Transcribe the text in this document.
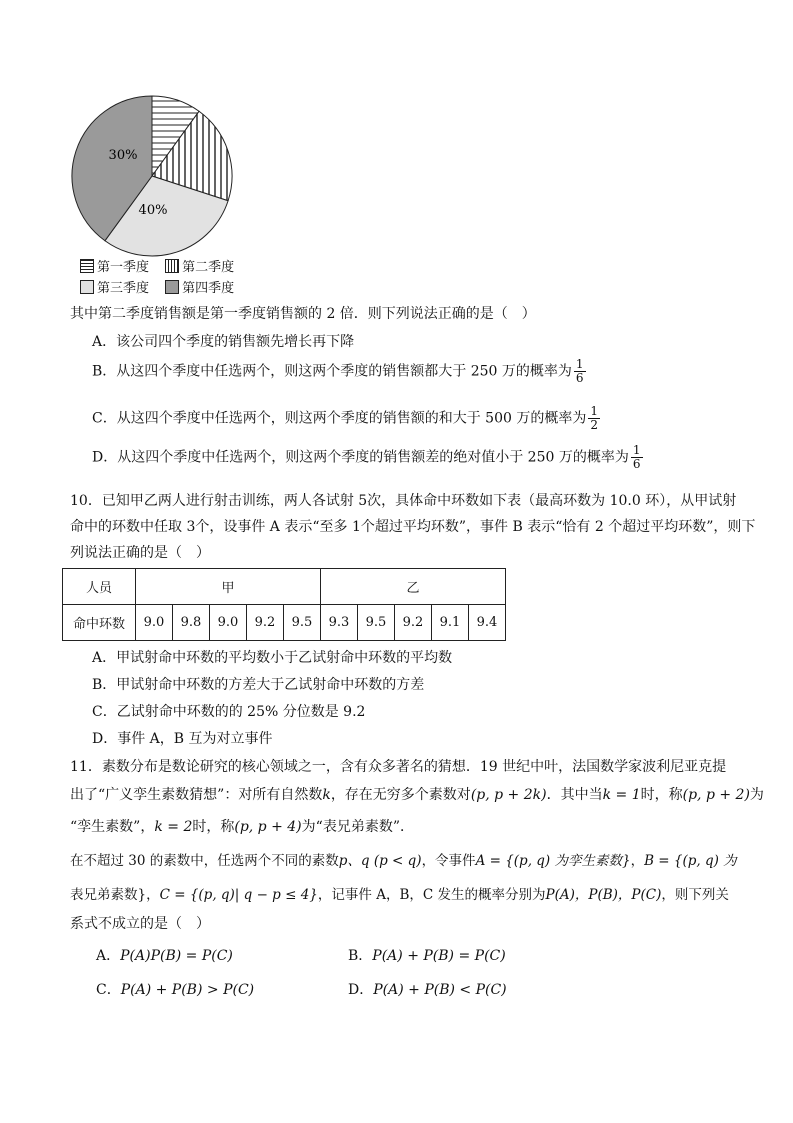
30%
40%
第一季度	第二季度
第三季度	第四季度
其中第二季度销售额是第一季度销售额的 2 倍．则下列说法正确的是（　）
A．该公司四个季度的销售额先增长再下降
B．从这四个季度中任选两个，则这两个季度的销售额都大于 250 万的概率为 $\frac{1}{6}$
C．从这四个季度中任选两个，则这两个季度的销售额的和大于 500 万的概率为 $\frac{1}{2}$
D．从这四个季度中任选两个，则这两个季度的销售额差的绝对值小于 250 万的概率为 $\frac{1}{6}$
10．已知甲乙两人进行射击训练，两人各试射 5次，具体命中环数如下表（最高环数为 10.0 环），从甲试射
命中的环数中任取 3个，设事件 A 表示“至多 1个超过平均环数”，事件 B 表示“恰有 2 个超过平均环数”，则下
列说法正确的是（　）
人员	甲					乙				
命中环数	9.0	9.8	9.0	9.2	9.5	9.3	9.5	9.2	9.1	9.4
A．甲试射命中环数的平均数小于乙试射命中环数的平均数
B．甲试射命中环数的方差大于乙试射命中环数的方差
C．乙试射命中环数的的 25% 分位数是 9.2
D．事件 A，B 互为对立事件
11．素数分布是数论研究的核心领域之一，含有众多著名的猜想．19 世纪中叶，法国数学家波利尼亚克提
出了“广义孪生素数猜想”：对所有自然数k，存在无穷多个素数对(p, p + 2k)．其中当k = 1时，称(p, p + 2)为
“孪生素数”，k = 2时，称(p, p + 4)为“表兄弟素数”．
在不超过 30 的素数中，任选两个不同的素数p、q (p < q)，令事件A = {(p, q) 为孪生素数}，B = {(p, q) 为
表兄弟素数}，C = {(p, q)| q − p ≤ 4}，记事件 A，B，C 发生的概率分别为P(A)，P(B)，P(C)，则下列关
系式不成立的是（　）
A．P(A)P(B) = P(C)	B．P(A) + P(B) = P(C)
C．P(A) + P(B) > P(C)	D．P(A) + P(B) < P(C)
